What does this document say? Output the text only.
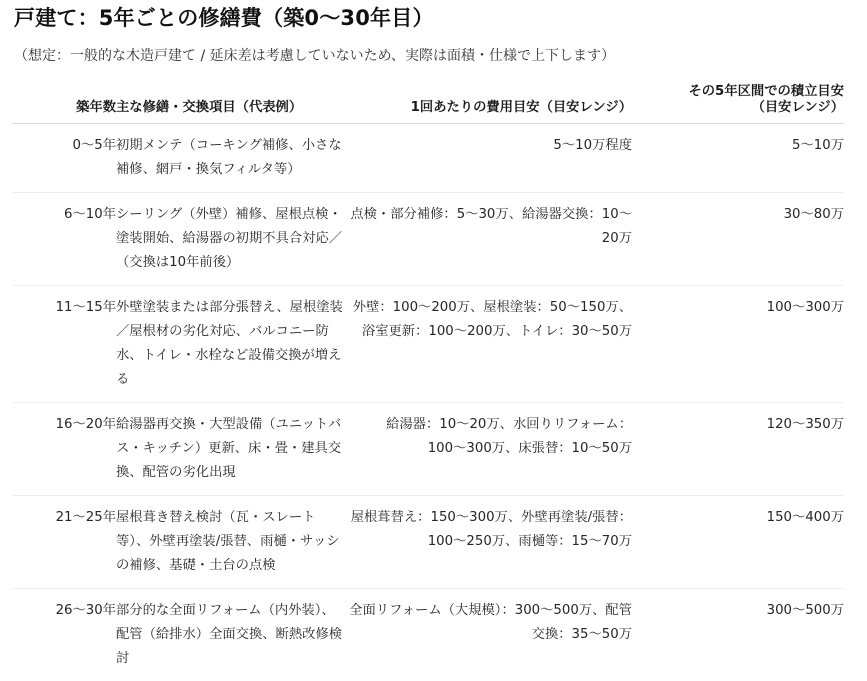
戸建て：5年ごとの修繕費（築0〜30年目）
（想定：一般的な木造戸建て / 延床差は考慮していないため、実際は面積・仕様で上下します）
築年数	主な修繕・交換項目（代表例）	1回あたりの費用目安（目安レンジ）	その5年区間での積立目安
（目安レンジ）
0〜5年	初期メンテ（コーキング補修、小さな補修、網戸・換気フィルタ等）	5〜10万程度	5〜10万
6〜10年	シーリング（外壁）補修、屋根点検・塗装開始、給湯器の初期不具合対応／（交換は10年前後）	点検・部分補修：5〜30万、給湯器交換：10〜20万	30〜80万
11〜15年	外壁塗装または部分張替え、屋根塗装／屋根材の劣化対応、バルコニー防水、トイレ・水栓など設備交換が増える	外壁：100〜200万、屋根塗装：50〜150万、浴室更新：100〜200万、トイレ：30〜50万	100〜300万
16〜20年	給湯器再交換・大型設備（ユニットバス・キッチン）更新、床・畳・建具交換、配管の劣化出現	給湯器：10〜20万、水回りリフォーム：100〜300万、床張替：10〜50万	120〜350万
21〜25年	屋根葺き替え検討（瓦・スレート等）、外壁再塗装/張替、雨樋・サッシの補修、基礎・土台の点検	屋根葺替え：150〜300万、外壁再塗装/張替：100〜250万、雨樋等：15〜70万	150〜400万
26〜30年	部分的な全面リフォーム（内外装）、配管（給排水）全面交換、断熱改修検討	全面リフォーム（大規模）：300〜500万、配管交換：35〜50万	300〜500万
